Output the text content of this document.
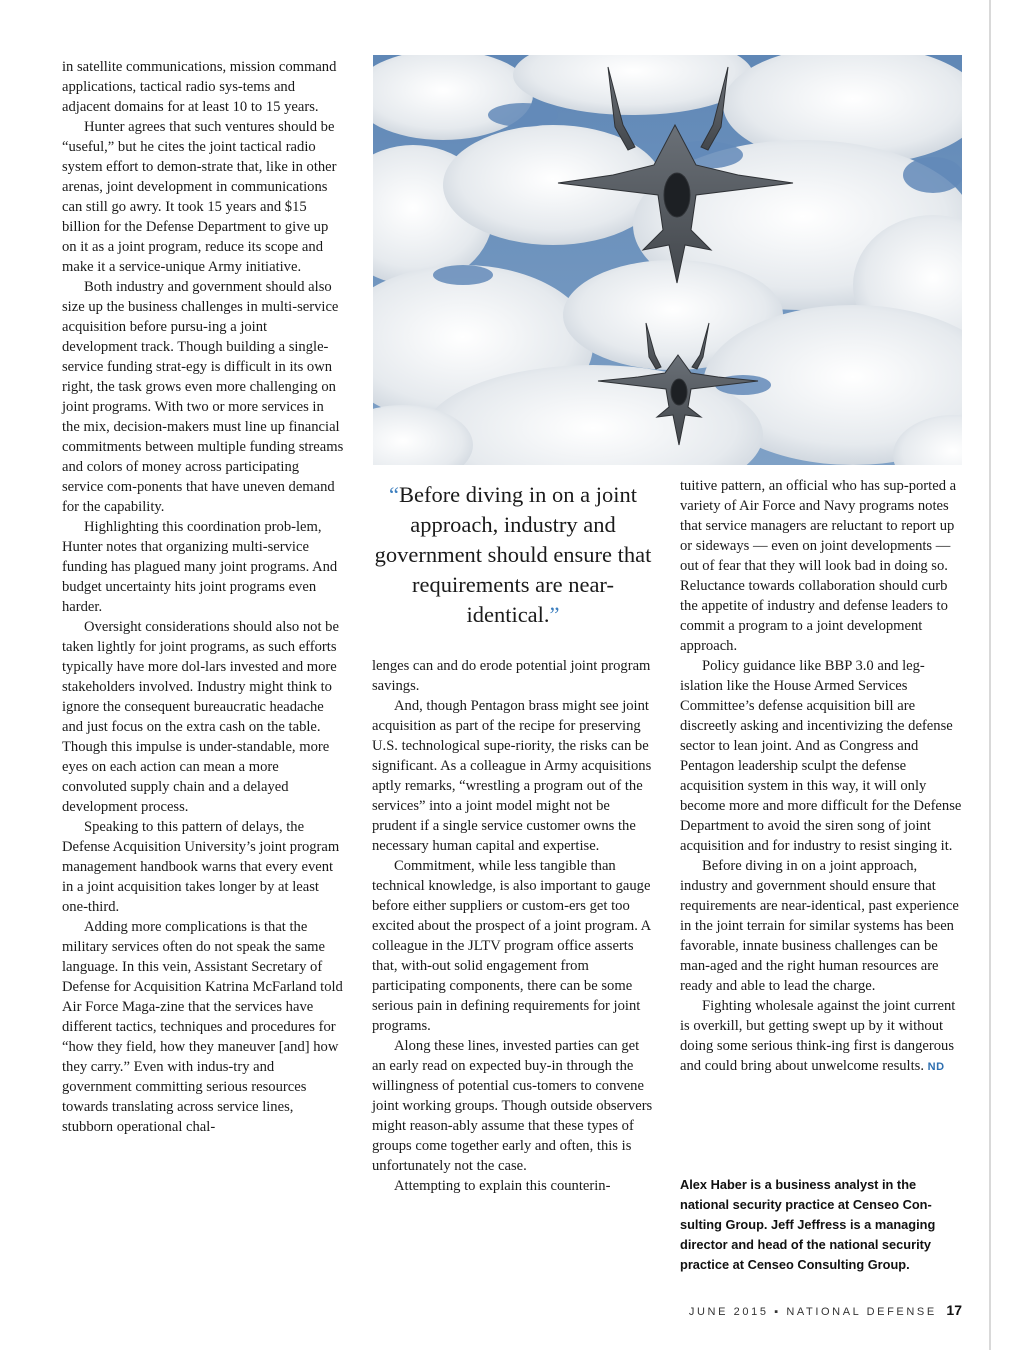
in satellite communications, mission command applications, tactical radio sys-tems and adjacent domains for at least 10 to 15 years.

Hunter agrees that such ventures should be “useful,” but he cites the joint tactical radio system effort to demon-strate that, like in other arenas, joint development in communications can still go awry. It took 15 years and $15 billion for the Defense Department to give up on it as a joint program, reduce its scope and make it a service-unique Army initiative.

Both industry and government should also size up the business challenges in multi-service acquisition before pursu-ing a joint development track. Though building a single-service funding strat-egy is difficult in its own right, the task grows even more challenging on joint programs. With two or more services in the mix, decision-makers must line up financial commitments between multiple funding streams and colors of money across participating service com-ponents that have uneven demand for the capability.

Highlighting this coordination prob-lem, Hunter notes that organizing multi-service funding has plagued many joint programs. And budget uncertainty hits joint programs even harder.

Oversight considerations should also not be taken lightly for joint programs, as such efforts typically have more dol-lars invested and more stakeholders involved. Industry might think to ignore the consequent bureaucratic headache and just focus on the extra cash on the table. Though this impulse is under-standable, more eyes on each action can mean a more convoluted supply chain and a delayed development process.

Speaking to this pattern of delays, the Defense Acquisition University’s joint program management handbook warns that every event in a joint acquisition takes longer by at least one-third.

Adding more complications is that the military services often do not speak the same language. In this vein, Assistant Secretary of Defense for Acquisition Katrina McFarland told Air Force Maga-zine that the services have different tactics, techniques and procedures for “how they field, how they maneuver [and] how they carry.” Even with indus-try and government committing serious resources towards translating across service lines, stubborn operational chal-

“Before diving in on a joint approach, industry and government should ensure that requirements are near-identical.”

lenges can and do erode potential joint program savings.

And, though Pentagon brass might see joint acquisition as part of the recipe for preserving U.S. technological supe-riority, the risks can be significant. As a colleague in Army acquisitions aptly remarks, “wrestling a program out of the services” into a joint model might not be prudent if a single service customer owns the necessary human capital and expertise.

Commitment, while less tangible than technical knowledge, is also important to gauge before either suppliers or custom-ers get too excited about the prospect of a joint program. A colleague in the JLTV program office asserts that, with-out solid engagement from participating components, there can be some serious pain in defining requirements for joint programs.

Along these lines, invested parties can get an early read on expected buy-in through the willingness of potential cus-tomers to convene joint working groups. Though outside observers might reason-ably assume that these types of groups come together early and often, this is unfortunately not the case.

Attempting to explain this counterin-

tuitive pattern, an official who has sup-ported a variety of Air Force and Navy programs notes that service managers are reluctant to report up or sideways — even on joint developments — out of fear that they will look bad in doing so. Reluctance towards collaboration should curb the appetite of industry and defense leaders to commit a program to a joint development approach.

Policy guidance like BBP 3.0 and leg-islation like the House Armed Services Committee’s defense acquisition bill are discreetly asking and incentivizing the defense sector to lean joint. And as Congress and Pentagon leadership sculpt the defense acquisition system in this way, it will only become more and more difficult for the Defense Department to avoid the siren song of joint acquisition and for industry to resist singing it.

Before diving in on a joint approach, industry and government should ensure that requirements are near-identical, past experience in the joint terrain for similar systems has been favorable, innate business challenges can be man-aged and the right human resources are ready and able to lead the charge.

Fighting wholesale against the joint current is overkill, but getting swept up by it without doing some serious think-ing first is dangerous and could bring about unwelcome results. ND

Alex Haber is a business analyst in the national security practice at Censeo Con-sulting Group. Jeff Jeffress is a managing director and head of the national security practice at Censeo Consulting Group.
JUNE 2015 ▪ NATIONAL DEFENSE 17
